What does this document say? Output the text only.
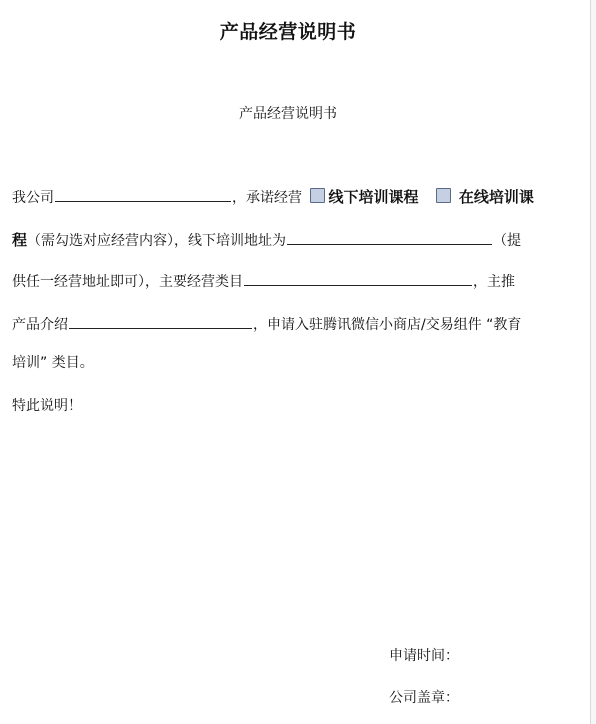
产品经营说明书
产品经营说明书
我公司	，承诺经营 线下培训课程	在线培训课
程（需勾选对应经营内容），线下培训地址为	（提
供任一经营地址即可），主要经营类目	，主推
产品介绍	，申请入驻腾讯微信小商店/交易组件 “教育
培训” 类目。
特此说明！
申请时间：
公司盖章：
